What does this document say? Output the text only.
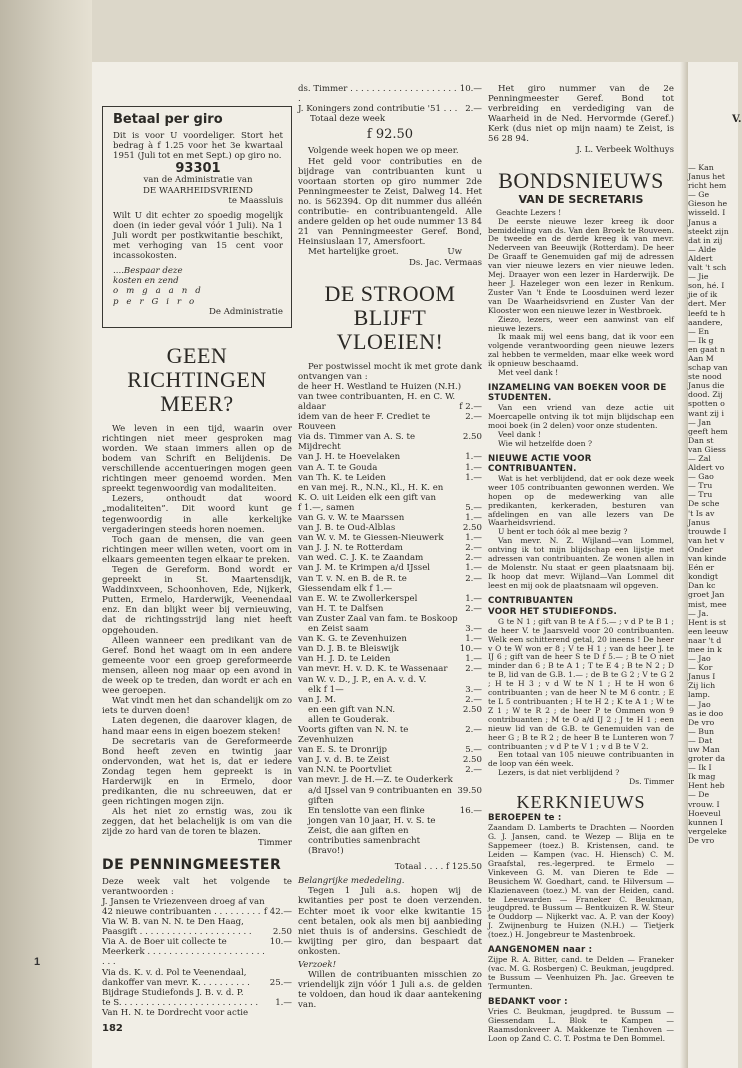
1
Betaal per giro

Dit is voor U voordeliger. Stort het bedrag à f 1.25 voor het 3e kwartaal 1951 (Juli tot en met Sept.) op giro no.

93301
van de Administratie van
DE WAARHEIDSVRIEND
te Maassluis

Wilt U dit echter zo spoedig mogelijk doen (in ieder geval vóór 1 Juli). Na 1 Juli wordt per postkwitantie beschikt, met verhoging van 15 cent voor incassokosten.

....Bespaar deze
kosten en zend
o m g a a n d
p e r G i r o
De Administratie
GEEN RICHTINGEN MEER?

We leven in een tijd, waarin over richtingen niet meer gesproken mag worden. We staan immers allen op de bodem van Schrift en Belijdenis. De verschillende accentueringen mogen geen richtingen meer genoemd worden. Men spreekt tegenwoordig van modaliteiten.

Lezers, onthoudt dat woord „modaliteiten”. Dit woord kunt ge tegenwoordig in alle kerkelijke vergaderingen steeds horen noemen.

Toch gaan de mensen, die van geen richtingen meer willen weten, voort om in elkaars gemeenten tegen elkaar te preken.

Tegen de Gereform. Bond wordt er gepreekt in St. Maartensdijk, Waddinxveen, Schoonhoven, Ede, Nijkerk, Putten, Ermelo, Harderwijk, Veenendaal enz. En dan blijkt weer bij vernieuwing, dat de richtingsstrijd lang niet heeft opgehouden.

Alleen wanneer een predikant van de Geref. Bond het waagt om in een andere gemeente voor een groep gereformeerde mensen, alleen nog maar op een avond in de week op te treden, dan wordt er ach en wee geroepen.

Wat vindt men het dan schandelijk om zo iets te durven doen!

Laten degenen, die daarover klagen, de hand maar eens in eigen boezem steken!

De secretaris van de Gereformeerde Bond heeft zeven en twintig jaar ondervonden, wat het is, dat er iedere Zondag tegen hem gepreekt is in Harderwijk en in Ermelo, door predikanten, die nu schreeuwen, dat er geen richtingen mogen zijn.

Als het niet zo ernstig was, zou ik zeggen, dat het belachelijk is om van die zijde zo hard van de toren te blazen.

Timmer
DE PENNINGMEESTER

Deze week valt het volgende te verantwoorden :

J. Jansen te Vriezenveen droeg af van
42 nieuwe contribuanten . . . . . . . . . f 42.—
Via W. B. van N. N. te Den Haag,
Paasgift . . . . . . . . . . . . . . . . . . . . .	2.50
Via A. de Boer uit collecte te Meerkerk . . . . . . . . . . . . . . . . . . . . . . . . .
10.—
Via ds. K. v. d. Pol te Veenendaal,
dankoffer van mevr. K. . . . . . . . . .	25.—
Bijdrage Studiefonds J. B. v. d. P.
te S. . . . . . . . . . . . . . . . . . . . . . . . . .	1.—
Van H. N. te Dordrecht voor actie
182
ds. Timmer . . . . . . . . . . . . . . . . . . . . .
10.—
J. Koningers zond contributie '51 . . . 2.—
Totaal deze week
f 92.50

Volgende week hopen we op meer.

Het geld voor contributies en de bijdrage van contribuanten kunt u voortaan storten op giro nummer 2de Penningmeester te Zeist, Dalweg 14. Het no. is 562394. Op dit nummer dus alléén contributie- en contribuantengeld. Alle andere gelden op het oude nummer 13 84 21 van Penningmeester Geref. Bond, Heinsiuslaan 17, Amersfoort.

Met hartelijke groet.	Uw
Ds. Jac. Vermaas
DE STROOM BLIJFT VLOEIEN!

Per postwissel mocht ik met grote dank ontvangen van :

de heer H. Westland te Huizen (N.H.)
van twee contribuanten, H. en C. W.
aldaar	f 2.—
idem van de heer F. Crediet te Rouveen
2.—
via ds. Timmer van A. S. te Mijdrecht
2.50
van J. H. te Hoevelaken	1.—
van A. T. te Gouda	1.—
van Th. K. te Leiden	1.—
en van mej. R., N.N., Kl., H. K. en
K. O. uit Leiden elk een gift van
f 1.—, samen	5.—
van G. v. W. te Maarssen	1.—
van J. B. te Oud-Alblas	2.50
van W. v. M. te Giessen-Nieuwerk	1.—
van J. J. N. te Rotterdam	2.—
van wed. C. J. K. te Zaandam	2.—
van J. M. te Krimpen a/d IJssel	1.—
van T. v. N. en B. de R. te Giessendam elk f 1.—
2.—
van E. W. te Zwollerkerspel	1.—
van H. T. te Dalfsen	2.—
van Zuster Zaal van fam. te Boskoop
en Zeist saam	3.—
van K. G. te Zevenhuizen	1.—
van D. J. B. te Bleiswijk	10.—
van H. J. D. te Leiden	1.—
van mevr. H. v. D. K. te Wassenaar	2.—
van W. v. D., J. P., en A. v. d. V.
elk f 1—	3.—
van J. M.	2.—
en een gift van N.N.	2.50
allen te Gouderak.
Voorts giften van N. N. te Zevenhuizen
2.—
van E. S. te Dronrijp	5.—
van J. v. d. B. te Zeist	2.50
van N.N. te Poortvliet	2.—
van mevr. J. de H.—Z. te Ouderkerk
a/d IJssel van 9 contribuanten en giften
39.50
En tenslotte van een flinke jongen van 10 jaar, H. v. S. te Zeist, die aan giften en contributies samenbracht (Bravo!)
16.—
Totaal . . . . f 125.50
Belangrijke mededeling.

Tegen 1 Juli a.s. hopen wij de kwitanties per post te doen verzenden. Echter moet ik voor elke kwitantie 15 cent betalen, ook als men bij aanbieding niet thuis is of andersins. Geschiedt de kwijting per giro, dan bespaart dat onkosten.

Verzoek!

Willen de contribuanten misschien zo vriendelijk zijn vóór 1 Juli a.s. de gelden te voldoen, dan houd ik daar aantekening van.

Het giro nummer van de 2e Penningmeester Geref. Bond tot verbreiding en verdediging van de Waarheid in de Ned. Hervormde (Geref.) Kerk (dus niet op mijn naam) te Zeist, is 56 28 94.

J. L. Verbeek Wolthuys
BONDSNIEUWS
VAN DE SECRETARIS
Geachte Lezers !

De eerste nieuwe lezer kreeg ik door bemiddeling van ds. Van den Broek te Rouveen. De tweede en de derde kreeg ik van mevr. Nederveen van Beeuwijk (Rotterdam). De heer De Graaff te Genemuiden gaf mij de adressen van vier nieuwe lezers en vier nieuwe leden. Mej. Draayer won een lezer in Harderwijk. De heer J. Hazeleger won een lezer in Renkum. Zuster Van 't Ende te Loosduinen werd lezer van De Waarheidsvriend en Zuster Van der Klooster won een nieuwe lezer in Westbroek.

Ziezo, lezers, weer een aanwinst van elf nieuwe lezers.

Ik maak mij wel eens bang, dat ik voor een volgende verantwoording geen nieuwe lezers zal hebben te vermelden, maar elke week word ik opnieuw beschaamd.

Met veel dank !

INZAMELING VAN BOEKEN VOOR DE STUDENTEN.

Van een vriend van deze actie uit Moercapelle ontving ik tot mijn blijdschap een mooi boek (in 2 delen) voor onze studenten.

Veel dank !

Wie wil hetzelfde doen ?

NIEUWE ACTIE VOOR CONTRIBUANTEN.

Wat is het verblijdend, dat er ook deze week weer 105 contribuanten gewonnen werden. We hopen op de medewerking van alle predikanten, kerkeraden, besturen van afdelingen en van alle lezers van De Waarheidsvriend.

U bent er toch óók al mee bezig ?

Van mevr. N. Z. Wijland—van Lommel, ontving ik tot mijn blijdschap een lijstje met adressen van contribuanten. Ze wonen allen in de Molenstr. Nu staat er geen plaatsnaam bij. Ik hoop dat mevr. Wijland—Van Lommel dit leest en mij ook de plaatsnaam wil opgeven.

CONTRIBUANTEN
VOOR HET STUDIEFONDS.

G te N 1 ; gift van B te A f 5.— ; v d P te B 1 ; de heer V. te Jaarsveld voor 20 contribuanten. Welk een schitterend getal, 20 ineens ! De heer v O te W won er 8 ; V te H 1 ; van de heer J. te IJ 6 ; gift van de heer S te D f 5.— ; B te O niet minder dan 6 ; B te A 1 ; T te E 4 ; B te N 2 ; D te B, lid van de G.B. 1.— ; de B te G 2 ; V te G 2 ; H te H 3 ; v d W te N 1 ; H te H won 6 contribuanten ; van de heer N te M 6 contr. ; E te L 5 contribuanten ; H te H 2 ; K te A 1 ; W te Z 1 ; W te R 2 ; de heer P te Ommen won 9 contribuanten ; M te O a/d IJ 2 ; J te H 1 ; een nieuw lid van de G.B. te Genemuiden van de heer G ; B te R 2 ; de heer B te Lunteren won 7 contribuanten ; v d P te V 1 ; v d B te V 2.

Een totaal van 105 nieuwe contribuanten in de loop van één week.

Lezers, is dat niet verblijdend ?

Ds. Timmer
KERKNIEUWS
BEROEPEN te :

Zaandam D. Lamberts te Drachten — Noorden G. J. Jansen, cand. te Wezep — Blija en te Sappemeer (toez.) B. Kristensen, cand. te Leiden — Kampen (vac. H. Hiensch) C. M. Graafstal, res.-legerpred. te Ermelo — Vinkeveen G. M. van Dieren te Ede — Beusichem W. Goedhart, cand. te Hilversum — Klazienaveen (toez.) M. van der Heiden, cand. te Leeuwarden — Franeker C. Beukman, jeugdpred. te Bussum — Bentkuizen R. W. Steur te Ouddorp — Nijkerkt vac. A. P. van der Kooy) J. Zwijnenburg te Huizen (N.H.) — Tietjerk (toez.) H. Jongebreur te Mastenbroek.

AANGENOMEN naar :

Zijpe R. A. Bitter, cand. te Delden — Franeker (vac. M. G. Rosbergen) C. Beukman, jeugdpred. te Bussum — Veenhuizen Ph. Jac. Greeven te Termunten.

BEDANKT voor :

Vries C. Beukman, jeugdpred. te Bussum — Giessendam L. Blok te Kampen — Raamsdonkveer A. Makkenze te Tienhoven — Loon op Zand C. C. T. Postma te Den Bommel.

V.

— Kan

Janus het

richt hem

— Ge

Gieson he

wisseld. I

Janus a

steekt zijn

dat in zij

— Alde

Aldert

valt 't sch

— Jie

son, hé. I

jie of ik

dert. Mer

leefd te h

aandere,

— En

— Ik g

en gaat n

Aan M

schap van

ste nood

Janus die

dood. Zij

spotten o

want zij i

— Jan

geeft hem

Dan st

van Giess

— Zal

Aldert vo

— Gao

— Tru

— Tru

De sche

't Is av

Janus

trouwde I

van het v

Onder

van kinde

Eén er

kondigt

Dan kc

groet Jan

mist, mee

— Ja.

Hent is st

een leeuw

naar 't d

mee in k

— Jao

— Kor

Janus I

Zij lich

lamp.

— Jao

as ie doo

De vro

— Bun

— Dat

uw Man

groter da

— Ik I

Ik mag

Hent heb

— De

vrouw. I

Hoeveul

kunnen I

vergeleke

De vro
